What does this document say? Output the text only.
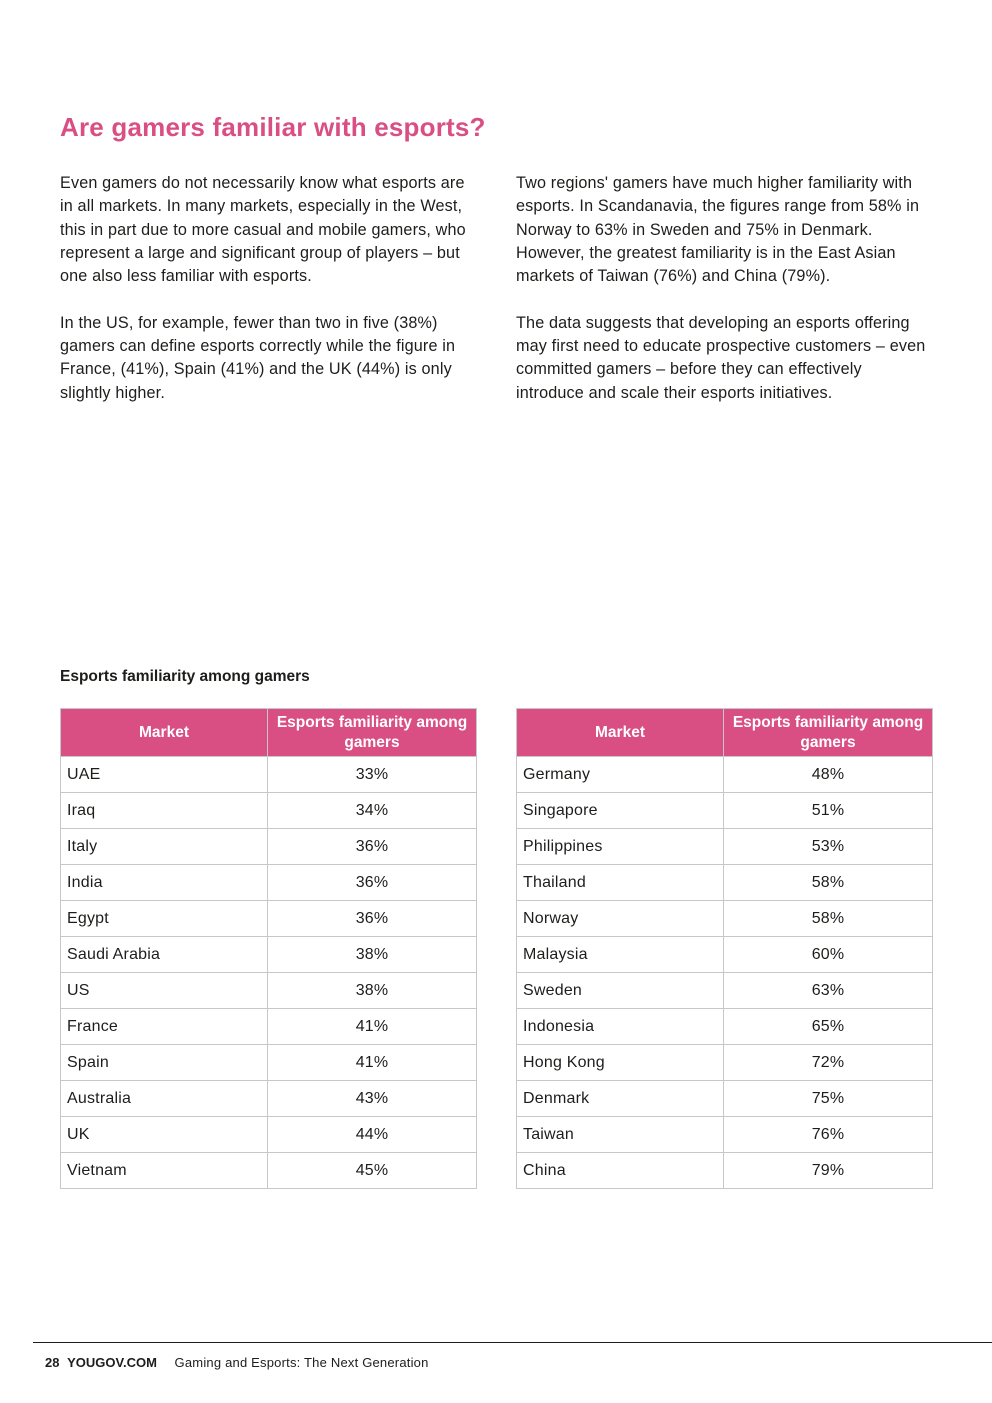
Are gamers familiar with esports?

Even gamers do not necessarily know what esports are in all markets. In many markets, especially in the West, this in part due to more casual and mobile gamers, who represent a large and significant group of players – but one also less familiar with esports.

In the US, for example, fewer than two in five (38%) gamers can define esports correctly while the figure in France, (41%), Spain (41%) and the UK (44%) is only slightly higher.

Two regions' gamers have much higher familiarity with esports. In Scandanavia, the figures range from 58% in Norway to 63% in Sweden and 75% in Denmark. However, the greatest familiarity is in the East Asian markets of Taiwan (76%) and China (79%).

The data suggests that developing an esports offering may first need to educate prospective customers – even committed gamers – before they can effectively introduce and scale their esports initiatives.

Esports familiarity among gamers
Market	Esports familiarity among gamers
UAE	33%
Iraq	34%
Italy	36%
India	36%
Egypt	36%
Saudi Arabia	38%
US	38%
France	41%
Spain	41%
Australia	43%
UK	44%
Vietnam	45%
Market	Esports familiarity among gamers
Germany	48%
Singapore	51%
Philippines	53%
Thailand	58%
Norway	58%
Malaysia	60%
Sweden	63%
Indonesia	65%
Hong Kong	72%
Denmark	75%
Taiwan	76%
China	79%
28 YOUGOV.COM Gaming and Esports: The Next Generation
